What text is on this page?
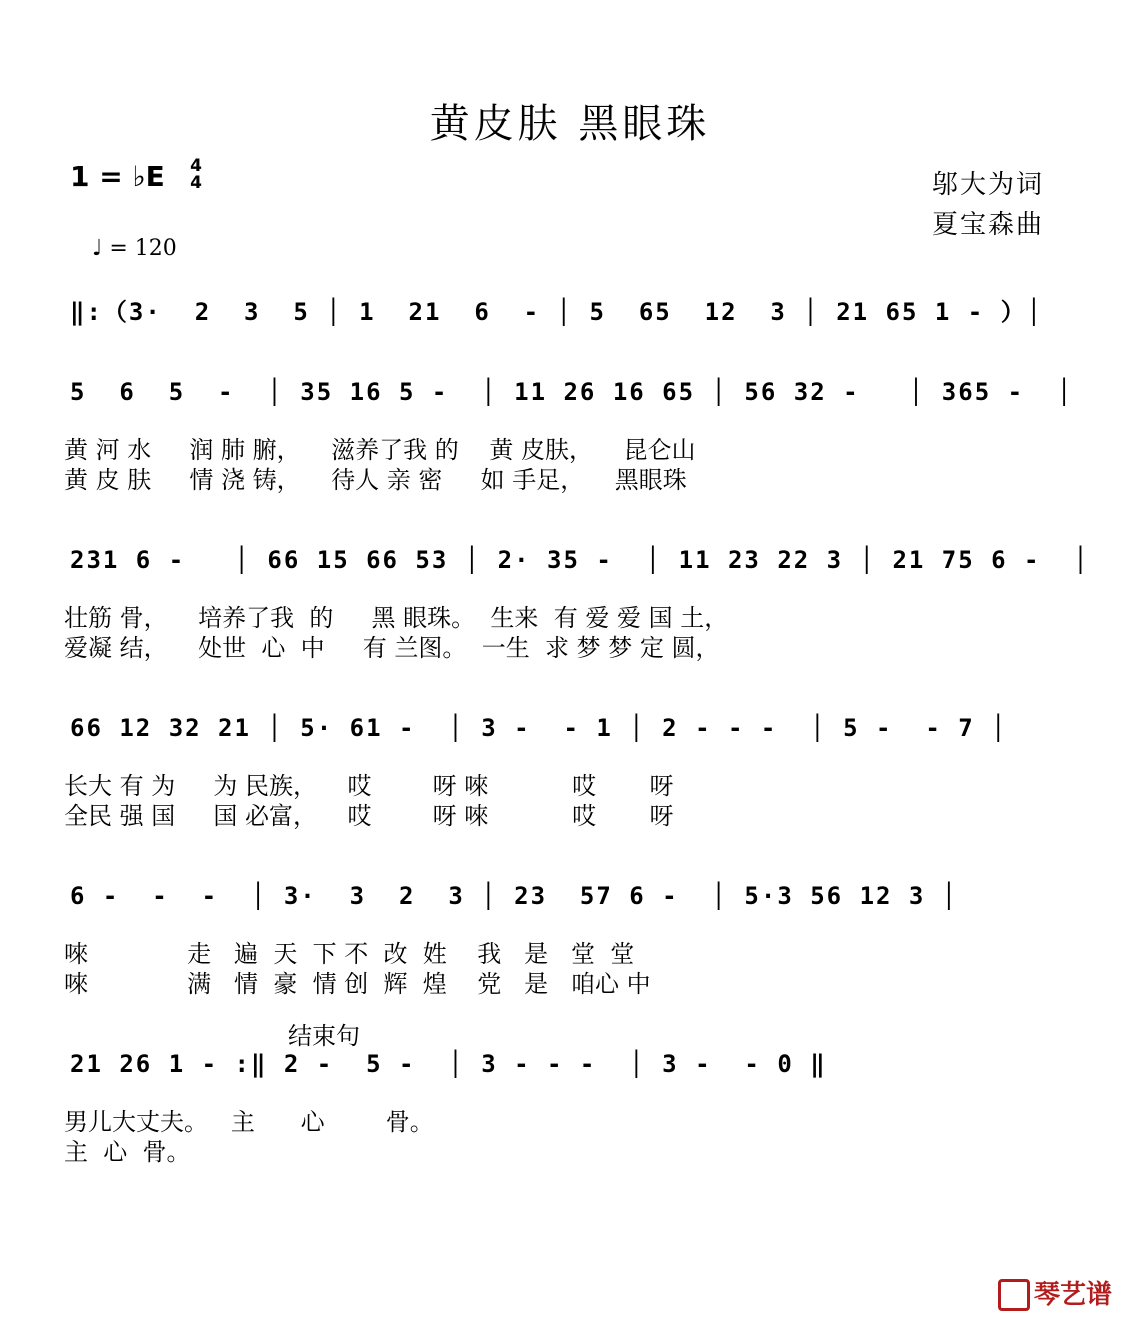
黄皮肤 黑眼珠
1 = ♭E 4
4	邬大为词
夏宝森曲
♩ = 120
‖:（3·  2  3  5 │ 1  21  6  - │ 5  65  12  3 │ 21 65 1 - ）│
5  6  5  -  │ 35 16 5 -  │ 11 26 16 65 │ 56 32 -   │ 365 -  │
黄 河 水     润 肺 腑，    滋养了我 的    黄 皮肤，    昆仑山
黄 皮 肤     情 浇 铸，    待人 亲 密     如 手足，    黑眼珠
231 6 -   │ 66 15 66 53 │ 2· 35 -  │ 11 23 22 3 │ 21 75 6 -  │
壮筋 骨，    培养了我  的     黑 眼珠。  生来  有 爱 爱 国 土，
爱凝 结，    处世  心  中     有 兰图。  一生  求 梦 梦 定 圆，
66 12 32 21 │ 5· 61 -  │ 3 -  - 1 │ 2 - - -  │ 5 -  - 7 │
长大 有 为     为 民族，    哎        呀 唻           哎       呀
全民 强 国     国 必富，    哎        呀 唻           哎       呀
6 -  -  -  │ 3·  3  2  3 │ 23  57 6 -  │ 5·3 56 12 3 │
唻             走   遍  天  下 不  改  姓    我   是   堂  堂
唻             满   情  豪  情 创  辉  煌    党   是   咱心 中
结束句
21 26 1 - :‖ 2 -  5 -  │ 3 - - -  │ 3 -  - 0 ‖
男儿大丈夫。   主      心        骨。
主  心  骨。
琴艺谱
